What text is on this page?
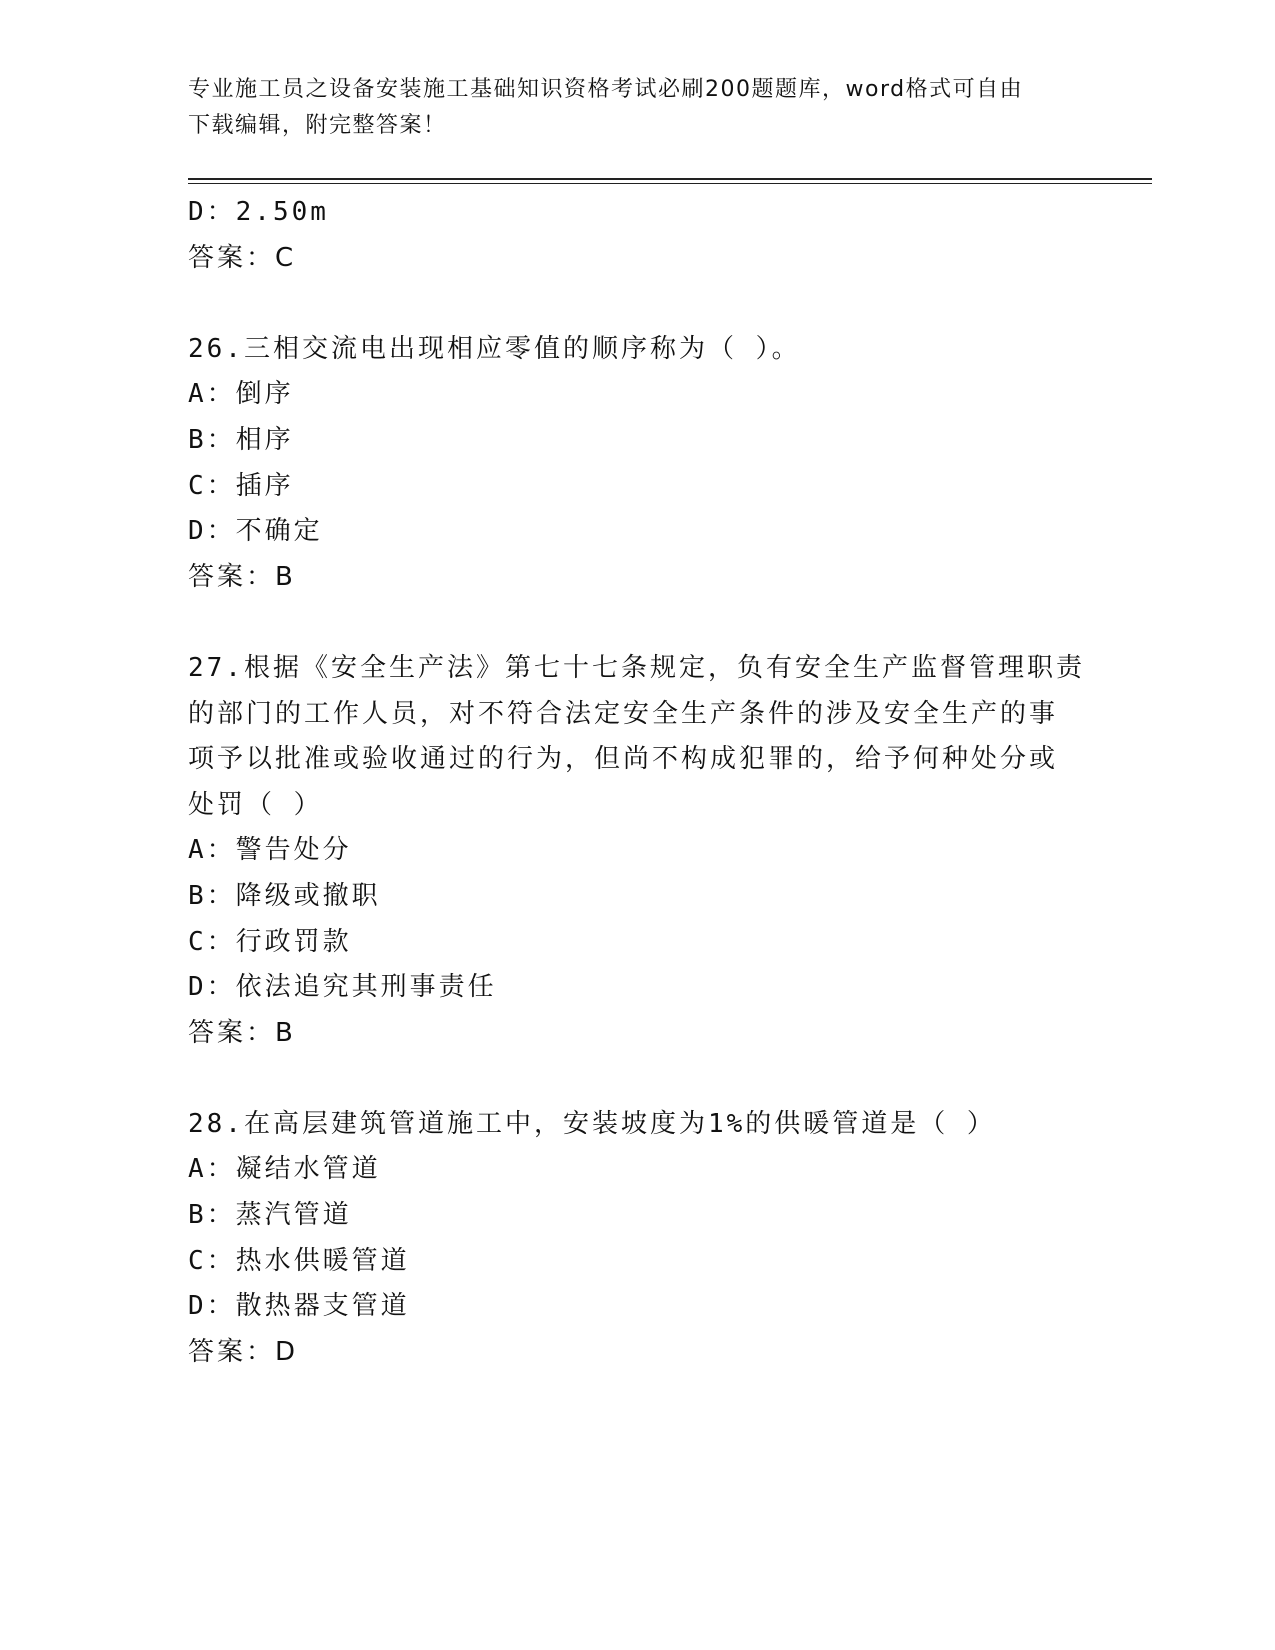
专业施工员之设备安装施工基础知识资格考试必刷200题题库，word格式可自由
下载编辑，附完整答案！
D：2.50m
答案：C
26.三相交流电出现相应零值的顺序称为（ ）。
A：倒序
B：相序
C：插序
D：不确定
答案：B
27.根据《安全生产法》第七十七条规定，负有安全生产监督管理职责
的部门的工作人员，对不符合法定安全生产条件的涉及安全生产的事
项予以批准或验收通过的行为，但尚不构成犯罪的，给予何种处分或
处罚（ ）
A：警告处分
B：降级或撤职
C：行政罚款
D：依法追究其刑事责任
答案：B
28.在高层建筑管道施工中，安装坡度为1%的供暖管道是（ ）
A：凝结水管道
B：蒸汽管道
C：热水供暖管道
D：散热器支管道
答案：D
